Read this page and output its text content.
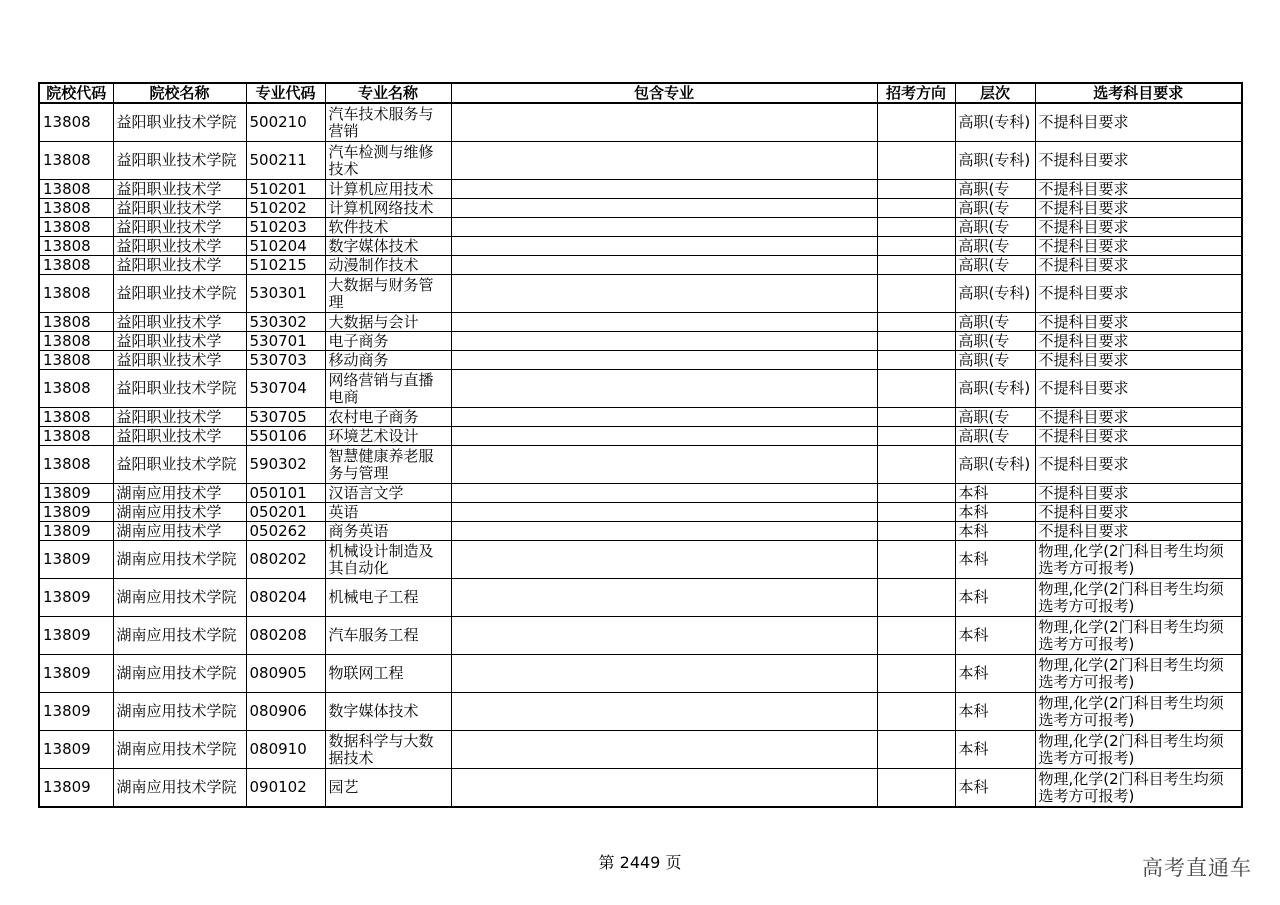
院校代码	院校名称	专业代码	专业名称	包含专业	招考方向	层次	选考科目要求

13808	益阳职业技术学院	500210	汽车技术服务与营销			高职(专科)	不提科目要求

13808	益阳职业技术学院	500211	汽车检测与维修技术			高职(专科)	不提科目要求

13808	益阳职业技术学	510201	计算机应用技术			高职(专	不提科目要求

13808	益阳职业技术学	510202	计算机网络技术			高职(专	不提科目要求

13808	益阳职业技术学	510203	软件技术			高职(专	不提科目要求

13808	益阳职业技术学	510204	数字媒体技术			高职(专	不提科目要求

13808	益阳职业技术学	510215	动漫制作技术			高职(专	不提科目要求

13808	益阳职业技术学院	530301	大数据与财务管理			高职(专科)	不提科目要求

13808	益阳职业技术学	530302	大数据与会计			高职(专	不提科目要求

13808	益阳职业技术学	530701	电子商务			高职(专	不提科目要求

13808	益阳职业技术学	530703	移动商务			高职(专	不提科目要求

13808	益阳职业技术学院	530704	网络营销与直播电商			高职(专科)	不提科目要求

13808	益阳职业技术学	530705	农村电子商务			高职(专	不提科目要求

13808	益阳职业技术学	550106	环境艺术设计			高职(专	不提科目要求

13808	益阳职业技术学院	590302	智慧健康养老服务与管理			高职(专科)	不提科目要求

13809	湖南应用技术学	050101	汉语言文学			本科	不提科目要求

13809	湖南应用技术学	050201	英语			本科	不提科目要求

13809	湖南应用技术学	050262	商务英语			本科	不提科目要求

13809	湖南应用技术学院	080202	机械设计制造及其自动化			本科	物理,化学(2门科目考生均须选考方可报考)

13809	湖南应用技术学院	080204	机械电子工程			本科	物理,化学(2门科目考生均须选考方可报考)

13809	湖南应用技术学院	080208	汽车服务工程			本科	物理,化学(2门科目考生均须选考方可报考)

13809	湖南应用技术学院	080905	物联网工程			本科	物理,化学(2门科目考生均须选考方可报考)

13809	湖南应用技术学院	080906	数字媒体技术			本科	物理,化学(2门科目考生均须选考方可报考)

13809	湖南应用技术学院	080910	数据科学与大数据技术			本科	物理,化学(2门科目考生均须选考方可报考)

13809	湖南应用技术学院	090102	园艺			本科	物理,化学(2门科目考生均须选考方可报考)
第 2449 页	高考直通车
